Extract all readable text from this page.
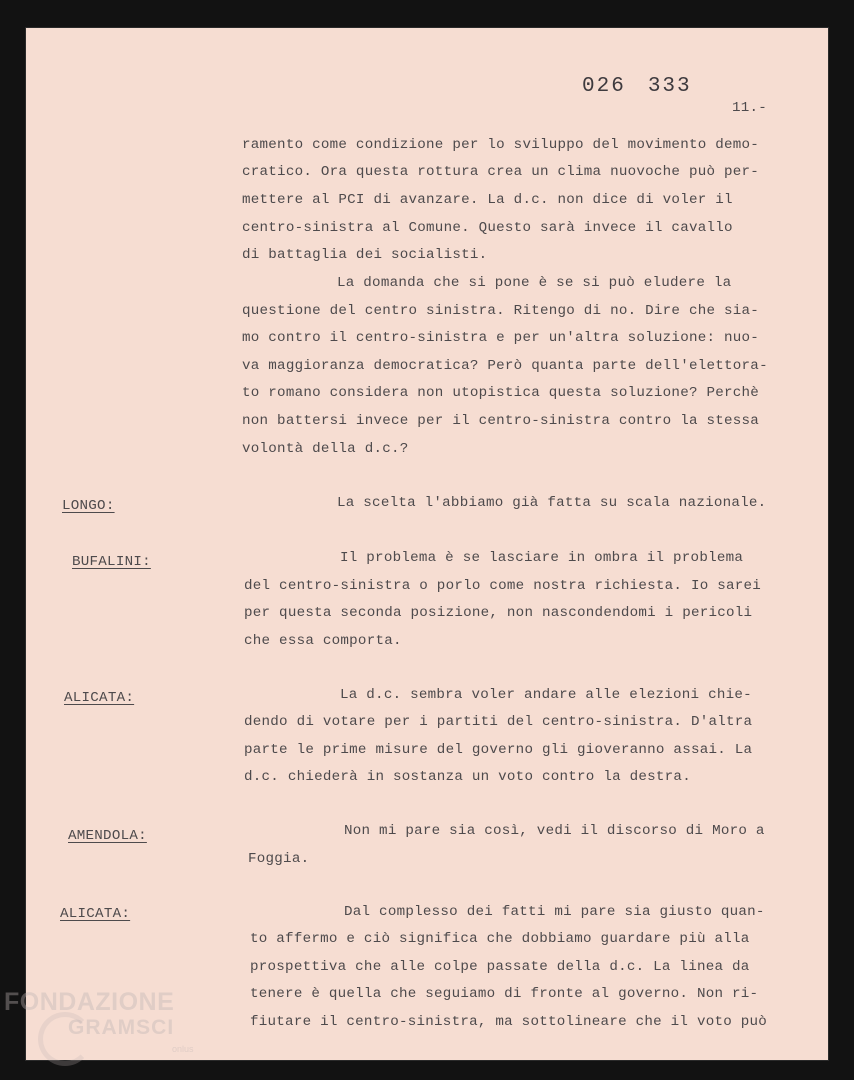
026 333
11.-
ramento come condizione per lo sviluppo del movimento demo-
cratico. Ora questa rottura crea un clima nuovoche può per-
mettere al PCI di avanzare. La d.c. non dice di voler il
centro-sinistra al Comune. Questo sarà invece il cavallo
di battaglia dei socialisti.
La domanda che si pone è se si può eludere la
questione del centro sinistra. Ritengo di no. Dire che sia-
mo contro il centro-sinistra e per un'altra soluzione: nuo-
va maggioranza democratica? Però quanta parte dell'elettora-
to romano considera non utopistica questa soluzione? Perchè
non battersi invece per il centro-sinistra contro la stessa
volontà della d.c.?
LONGO:	La scelta l'abbiamo già fatta su scala nazionale.
BUFALINI:	Il problema è se lasciare in ombra il problema
del centro-sinistra o porlo come nostra richiesta. Io sarei
per questa seconda posizione, non nascondendomi i pericoli
che essa comporta.
ALICATA:	La d.c. sembra voler andare alle elezioni chie-
dendo di votare per i partiti del centro-sinistra. D'altra
parte le prime misure del governo gli gioveranno assai. La
d.c. chiederà in sostanza un voto contro la destra.
AMENDOLA:	Non mi pare sia così, vedi il discorso di Moro a
Foggia.
ALICATA:	Dal complesso dei fatti mi pare sia giusto quan-
to affermo e ciò significa che dobbiamo guardare più alla
prospettiva che alle colpe passate della d.c. La linea da
tenere è quella che seguiamo di fronte al governo. Non ri-
fiutare il centro-sinistra, ma sottolineare che il voto può
FONDAZIONE
GRAMSCI
onlus
